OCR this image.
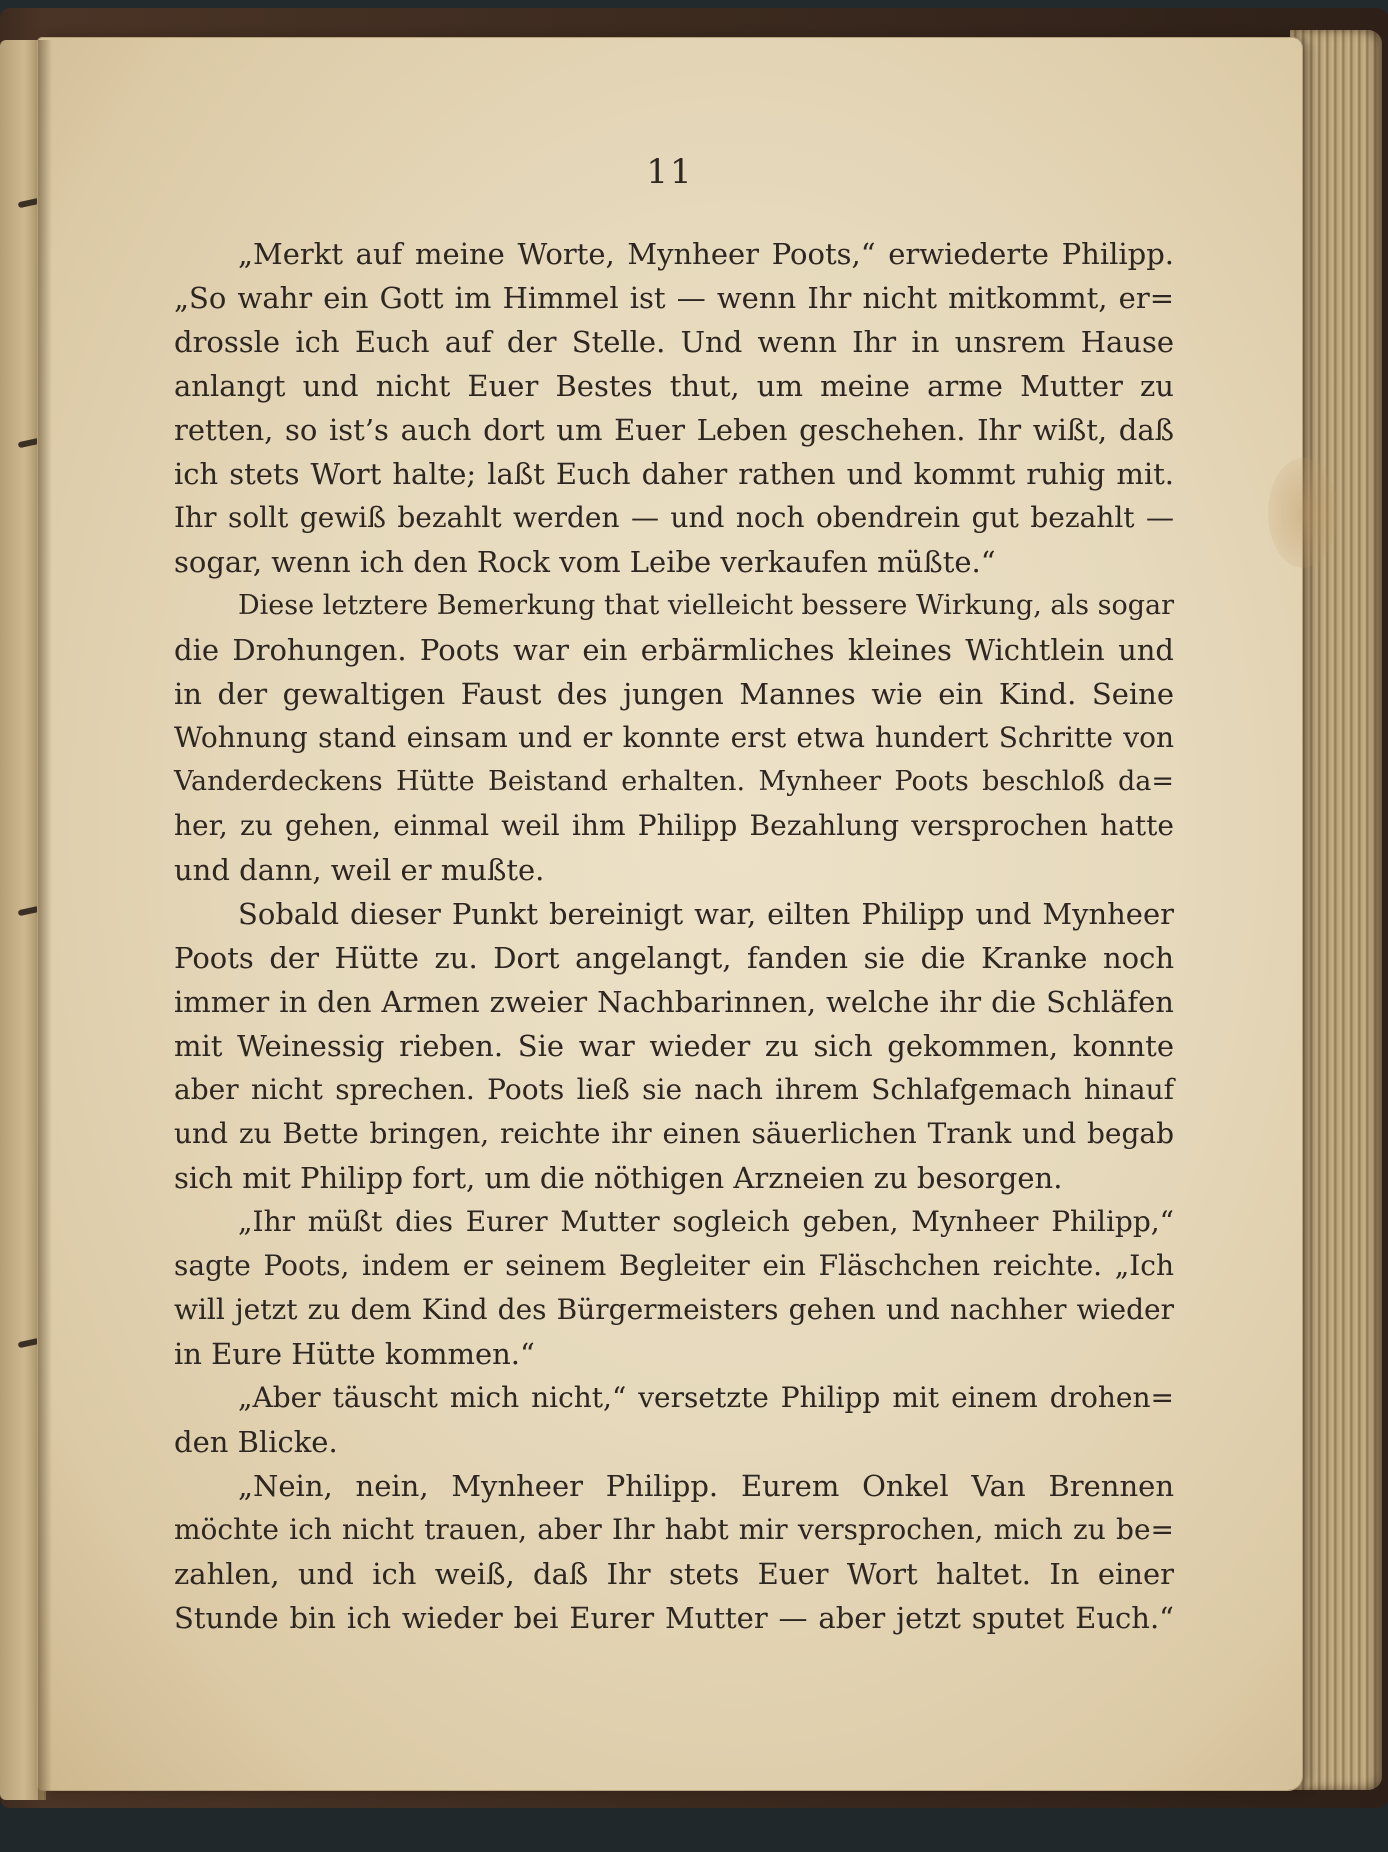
11
„Merkt auf meine Worte, Mynheer Poots,“ erwiederte Philipp.
„So wahr ein Gott im Himmel ist — wenn Ihr nicht mitkommt, er=
drossle ich Euch auf der Stelle. Und wenn Ihr in unsrem Hause
anlangt und nicht Euer Bestes thut, um meine arme Mutter zu
retten, so ist’s auch dort um Euer Leben geschehen. Ihr wißt, daß
ich stets Wort halte; laßt Euch daher rathen und kommt ruhig mit.
Ihr sollt gewiß bezahlt werden — und noch obendrein gut bezahlt —
sogar, wenn ich den Rock vom Leibe verkaufen müßte.“
Diese letztere Bemerkung that vielleicht bessere Wirkung, als sogar
die Drohungen. Poots war ein erbärmliches kleines Wichtlein und
in der gewaltigen Faust des jungen Mannes wie ein Kind. Seine
Wohnung stand einsam und er konnte erst etwa hundert Schritte von
Vanderdeckens Hütte Beistand erhalten. Mynheer Poots beschloß da=
her, zu gehen, einmal weil ihm Philipp Bezahlung versprochen hatte
und dann, weil er mußte.
Sobald dieser Punkt bereinigt war, eilten Philipp und Mynheer
Poots der Hütte zu. Dort angelangt, fanden sie die Kranke noch
immer in den Armen zweier Nachbarinnen, welche ihr die Schläfen
mit Weinessig rieben. Sie war wieder zu sich gekommen, konnte
aber nicht sprechen. Poots ließ sie nach ihrem Schlafgemach hinauf
und zu Bette bringen, reichte ihr einen säuerlichen Trank und begab
sich mit Philipp fort, um die nöthigen Arzneien zu besorgen.
„Ihr müßt dies Eurer Mutter sogleich geben, Mynheer Philipp,“
sagte Poots, indem er seinem Begleiter ein Fläschchen reichte. „Ich
will jetzt zu dem Kind des Bürgermeisters gehen und nachher wieder
in Eure Hütte kommen.“
„Aber täuscht mich nicht,“ versetzte Philipp mit einem drohen=
den Blicke.
„Nein, nein, Mynheer Philipp. Eurem Onkel Van Brennen
möchte ich nicht trauen, aber Ihr habt mir versprochen, mich zu be=
zahlen, und ich weiß, daß Ihr stets Euer Wort haltet. In einer
Stunde bin ich wieder bei Eurer Mutter — aber jetzt sputet Euch.“
